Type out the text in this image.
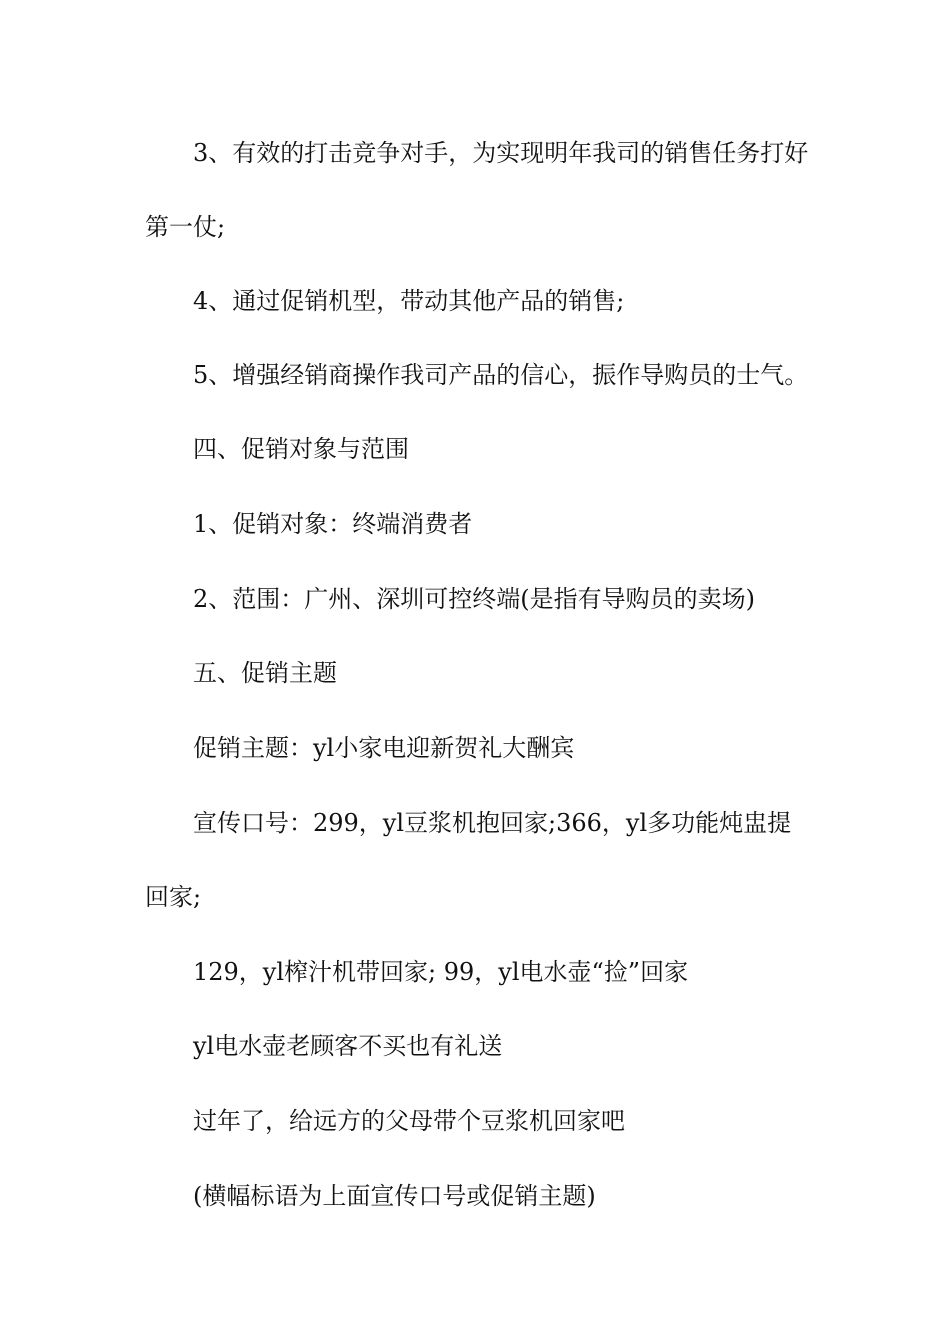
3、有效的打击竞争对手，为实现明年我司的销售任务打好
第一仗;
4、通过促销机型，带动其他产品的销售;
5、增强经销商操作我司产品的信心，振作导购员的士气。
四、促销对象与范围
1、促销对象：终端消费者
2、范围：广州、深圳可控终端(是指有导购员的卖场)
五、促销主题
促销主题：yl小家电迎新贺礼大酬宾
宣传口号：299，yl豆浆机抱回家;366，yl多功能炖盅提
回家;
129，yl榨汁机带回家; 99，yl电水壶“捡”回家
yl电水壶老顾客不买也有礼送
过年了，给远方的父母带个豆浆机回家吧
(横幅标语为上面宣传口号或促销主题)
